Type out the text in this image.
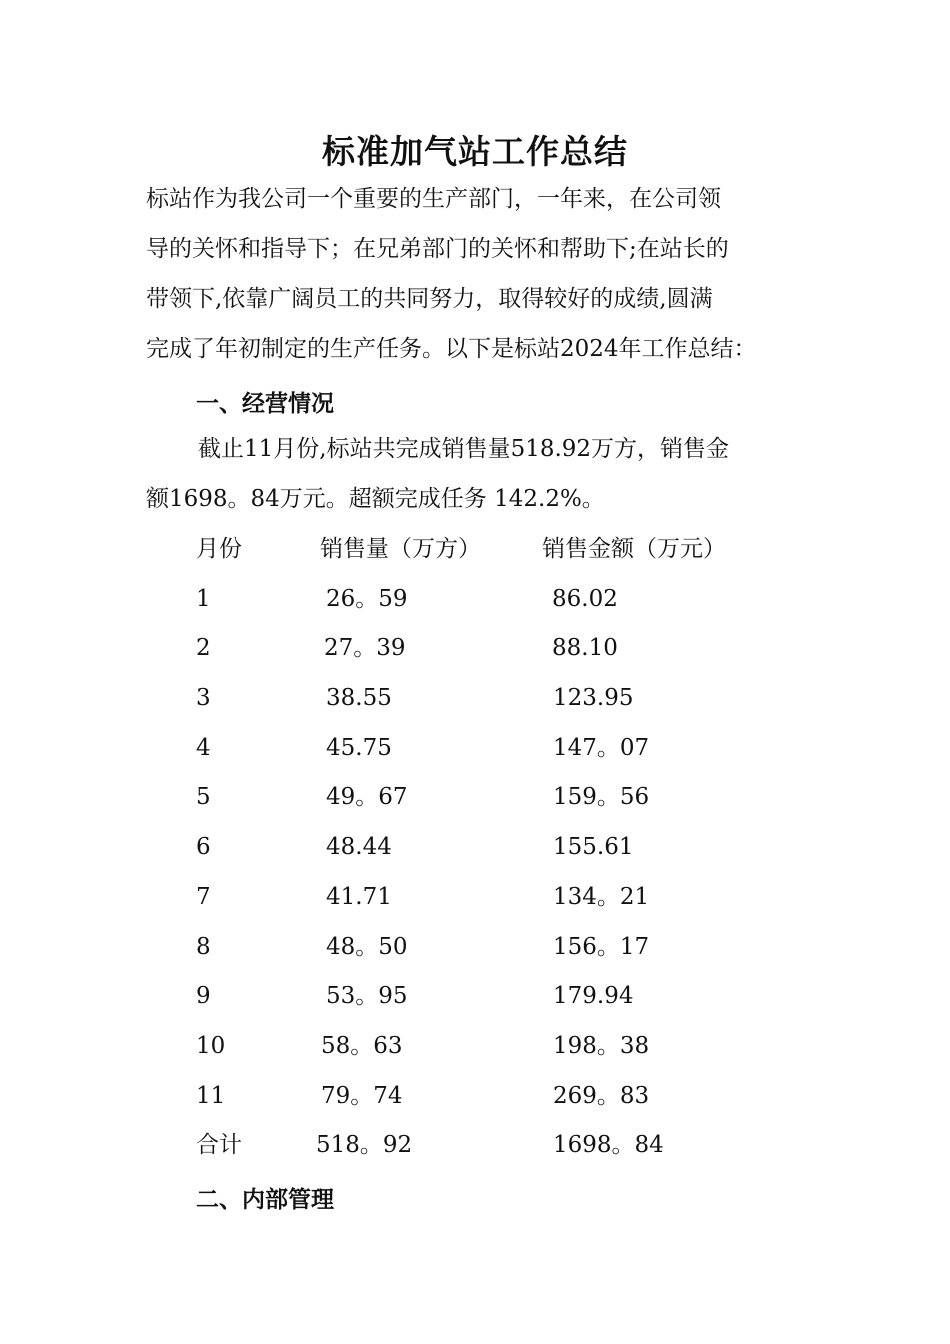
标准加气站工作总结
标站作为我公司一个重要的生产部门，一年来，在公司领
导的关怀和指导下；在兄弟部门的关怀和帮助下;在站长的
带领下,依靠广阔员工的共同努力，取得较好的成绩,圆满
完成了年初制定的生产任务。以下是标站2024年工作总结：
一、经营情况
截止11月份,标站共完成销售量518.92万方，销售金
额1698。84万元。超额完成任务 142.2%。
月份	销售量（万方）	销售金额（万元）
1	26。59	86.02
2	27。39	88.10
3	38.55	123.95
4	45.75	147。07
5	49。67	159。56
6	48.44	155.61
7	41.71	134。21
8	48。50	156。17
9	53。95	179.94
10	58。63	198。38
11	79。74	269。83
合计	518。92	1698。84
二、内部管理
